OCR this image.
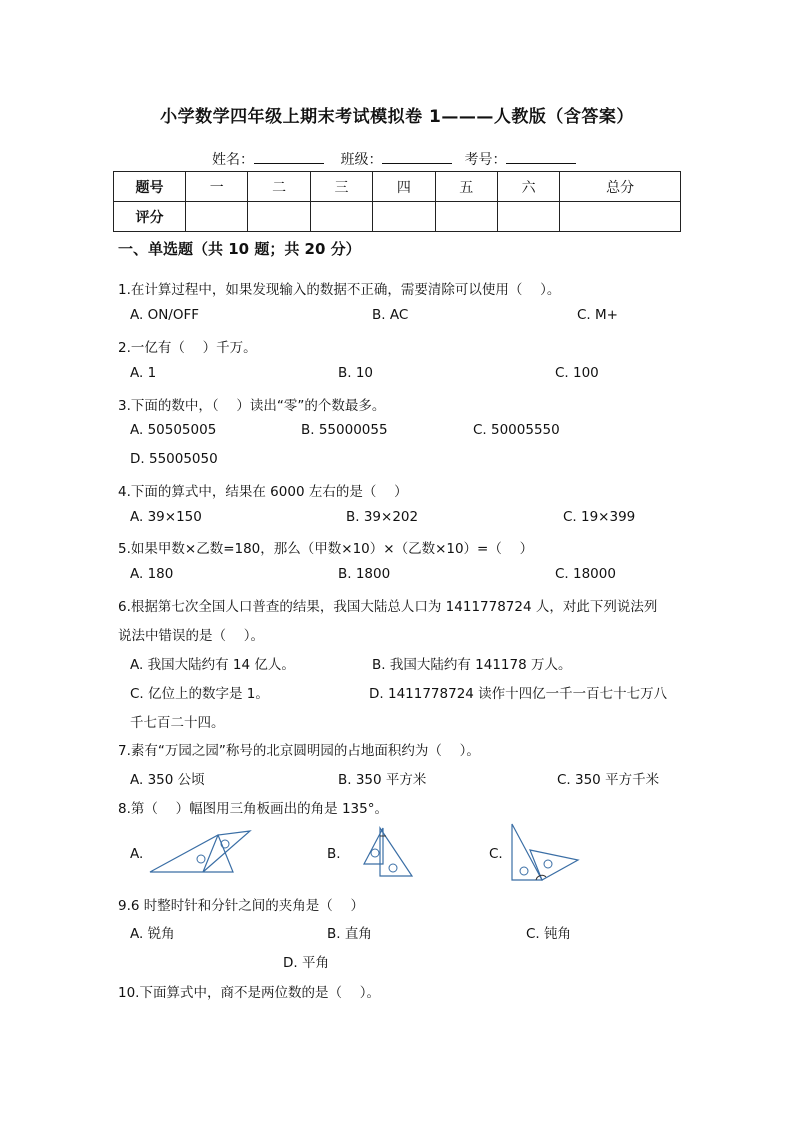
小学数学四年级上期末考试模拟卷 1———人教版（含答案）
姓名：	班级：	考号：
题号	一	二	三	四	五	六	总分
评分							
一、单选题（共 10 题；共 20 分）
1.在计算过程中，如果发现输入的数据不正确，需要清除可以使用（　 ）。
A. ON/OFF	B. AC	C. M+
2.一亿有（　 ）千万。
A. 1	B. 10	C. 100
3.下面的数中，（　 ）读出“零”的个数最多。
A. 50505005	B. 55000055	C. 50005550
D. 55005050
4.下面的算式中，结果在 6000 左右的是（　 ）
A. 39×150	B. 39×202	C. 19×399
5.如果甲数×乙数=180，那么（甲数×10）×（乙数×10）=（　 ）
A. 180	B. 1800	C. 18000
6.根据第七次全国人口普查的结果，我国大陆总人口为 1411778724 人，对此下列说法列
说法中错误的是（　 ）。
A. 我国大陆约有 14 亿人。	B. 我国大陆约有 141178 万人。
C. 亿位上的数字是 1。	D. 1411778724 读作十四亿一千一百七十七万八
千七百二十四。
7.素有“万园之园”称号的北京圆明园的占地面积约为（　 ）。
A. 350 公顷	B. 350 平方米	C. 350 平方千米
8.第（　 ）幅图用三角板画出的角是 135°。
A.	B.	C.
9.6 时整时针和分针之间的夹角是（　 ）
A. 锐角	B. 直角	C. 钝角
D. 平角
10.下面算式中，商不是两位数的是（　 ）。
